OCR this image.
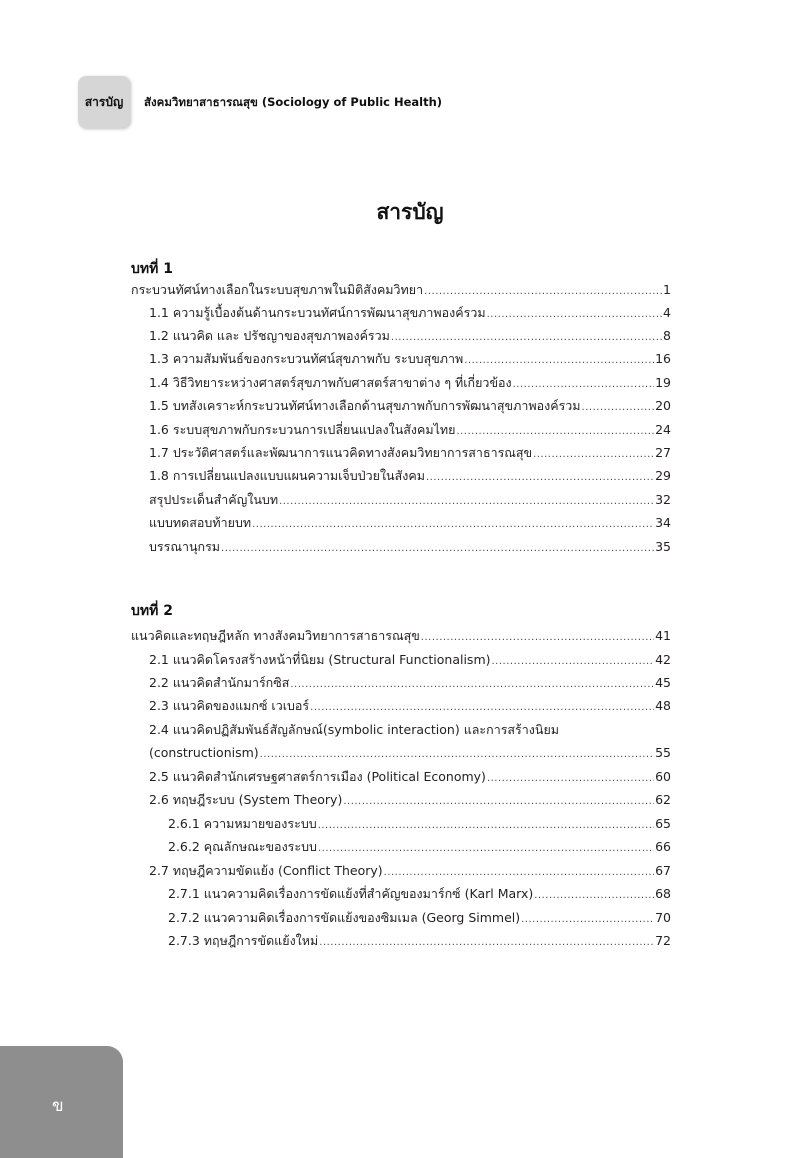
สารบัญ สังคมวิทยาสาธารณสุข (Sociology of Public Health)
สารบัญ
บทที่ 1
กระบวนทัศน์ทางเลือกในระบบสุขภาพในมิติสังคมวิทยา .....	1
1.1 ความรู้เบื้องต้นด้านกระบวนทัศน์การพัฒนาสุขภาพองค์รวม .....	4
1.2 แนวคิด และ ปรัชญาของสุขภาพองค์รวม .....	8
1.3 ความสัมพันธ์ของกระบวนทัศน์สุขภาพกับ ระบบสุขภาพ .....	16
1.4 วิธีวิทยาระหว่างศาสตร์สุขภาพกับศาสตร์สาขาต่าง ๆ ที่เกี่ยวข้อง .....	19
1.5 บทสังเคราะห์กระบวนทัศน์ทางเลือกด้านสุขภาพกับการพัฒนาสุขภาพองค์รวม .....	20
1.6 ระบบสุขภาพกับกระบวนการเปลี่ยนแปลงในสังคมไทย .....	24
1.7 ประวัติศาสตร์และพัฒนาการแนวคิดทางสังคมวิทยาการสาธารณสุข .....	27
1.8 การเปลี่ยนแปลงแบบแผนความเจ็บป่วยในสังคม .....	29
สรุปประเด็นสำคัญในบท .....	32
แบบทดสอบท้ายบท .....	34
บรรณานุกรม .....	35
บทที่ 2
แนวคิดและทฤษฎีหลัก ทางสังคมวิทยาการสาธารณสุข .....	41
2.1 แนวคิดโครงสร้างหน้าที่นิยม (Structural Functionalism) .....	42
2.2 แนวคิดสำนักมาร์กซิส .....	45
2.3 แนวคิดของแมกซ์ เวเบอร์ .....	48
2.4 แนวคิดปฏิสัมพันธ์สัญลักษณ์(symbolic interaction) และการสร้างนิยม
(constructionism) .....	55
2.5 แนวคิดสำนักเศรษฐศาสตร์การเมือง (Political Economy) .....	60
2.6 ทฤษฎีระบบ (System Theory) .....	62
2.6.1 ความหมายของระบบ .....	65
2.6.2 คุณลักษณะของระบบ .....	66
2.7 ทฤษฎีความขัดแย้ง (Conflict Theory) .....	67
2.7.1 แนวความคิดเรื่องการขัดแย้งที่สำคัญของมาร์กซ์ (Karl Marx) .....	68
2.7.2 แนวความคิดเรื่องการขัดแย้งของซิมเมล (Georg Simmel) .....	70
2.7.3 ทฤษฎีการขัดแย้งใหม่ .....	72
ข
